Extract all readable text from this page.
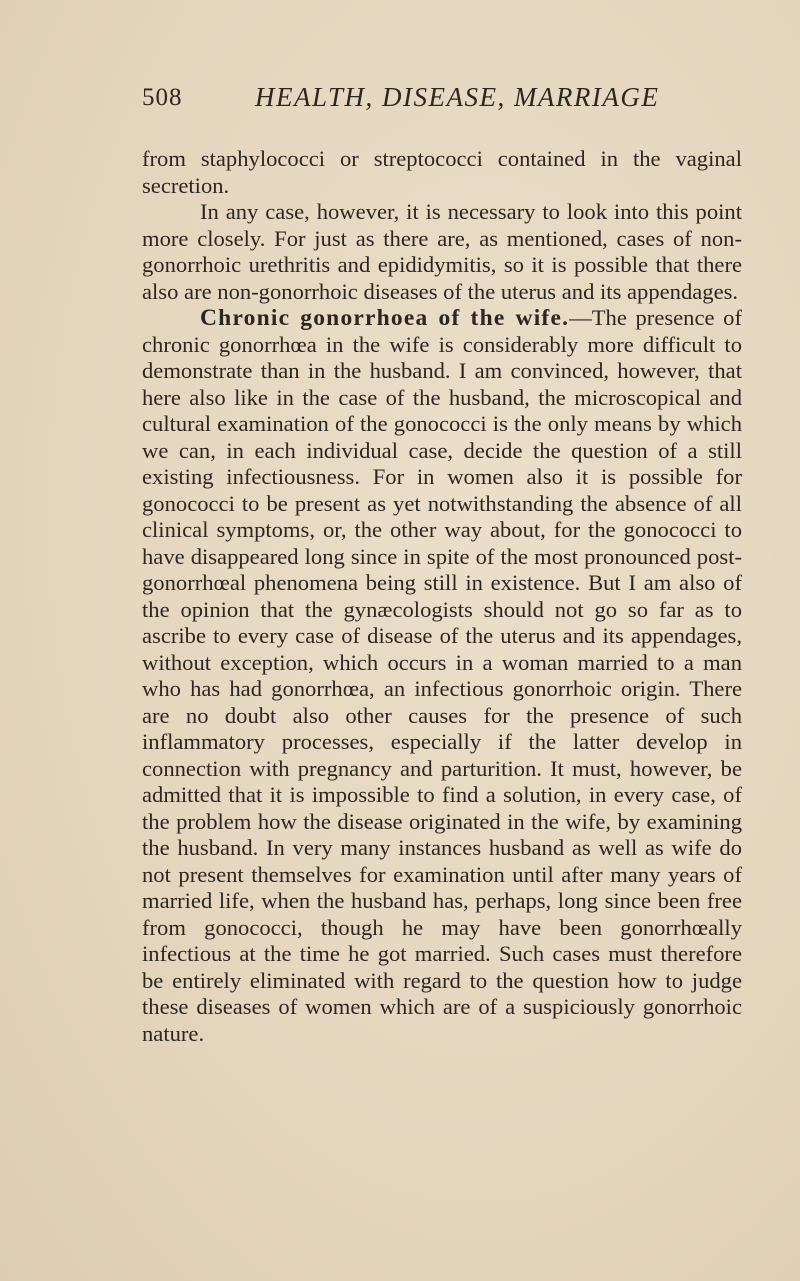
508	HEALTH, DISEASE, MARRIAGE

from staphylococci or streptococci contained in the vaginal secretion.

In any case, however, it is necessary to look into this point more closely. For just as there are, as mentioned, cases of non-gonorrhoic urethritis and epididymitis, so it is possible that there also are non-gonorrhoic diseases of the uterus and its appendages.

Chronic gonorrhoea of the wife.—The presence of chronic gonorrhœa in the wife is considerably more difficult to demonstrate than in the husband. I am convinced, however, that here also like in the case of the husband, the microscopical and cultural examination of the gonococci is the only means by which we can, in each individual case, decide the question of a still existing infectiousness. For in women also it is possible for gonococci to be present as yet notwithstanding the absence of all clinical symptoms, or, the other way about, for the gonococci to have disappeared long since in spite of the most pronounced post-gonorrhœal phenomena being still in existence. But I am also of the opinion that the gynæcologists should not go so far as to ascribe to every case of disease of the uterus and its appendages, without exception, which occurs in a woman married to a man who has had gonorrhœa, an infectious gonorrhoic origin. There are no doubt also other causes for the presence of such inflammatory processes, especially if the latter develop in connection with pregnancy and parturition. It must, however, be admitted that it is impossible to find a solution, in every case, of the problem how the disease originated in the wife, by examining the husband. In very many instances husband as well as wife do not present themselves for examination until after many years of married life, when the husband has, perhaps, long since been free from gonococci, though he may have been gonorrhœally infectious at the time he got married. Such cases must therefore be entirely eliminated with regard to the question how to judge these diseases of women which are of a suspiciously gonorrhoic nature.
